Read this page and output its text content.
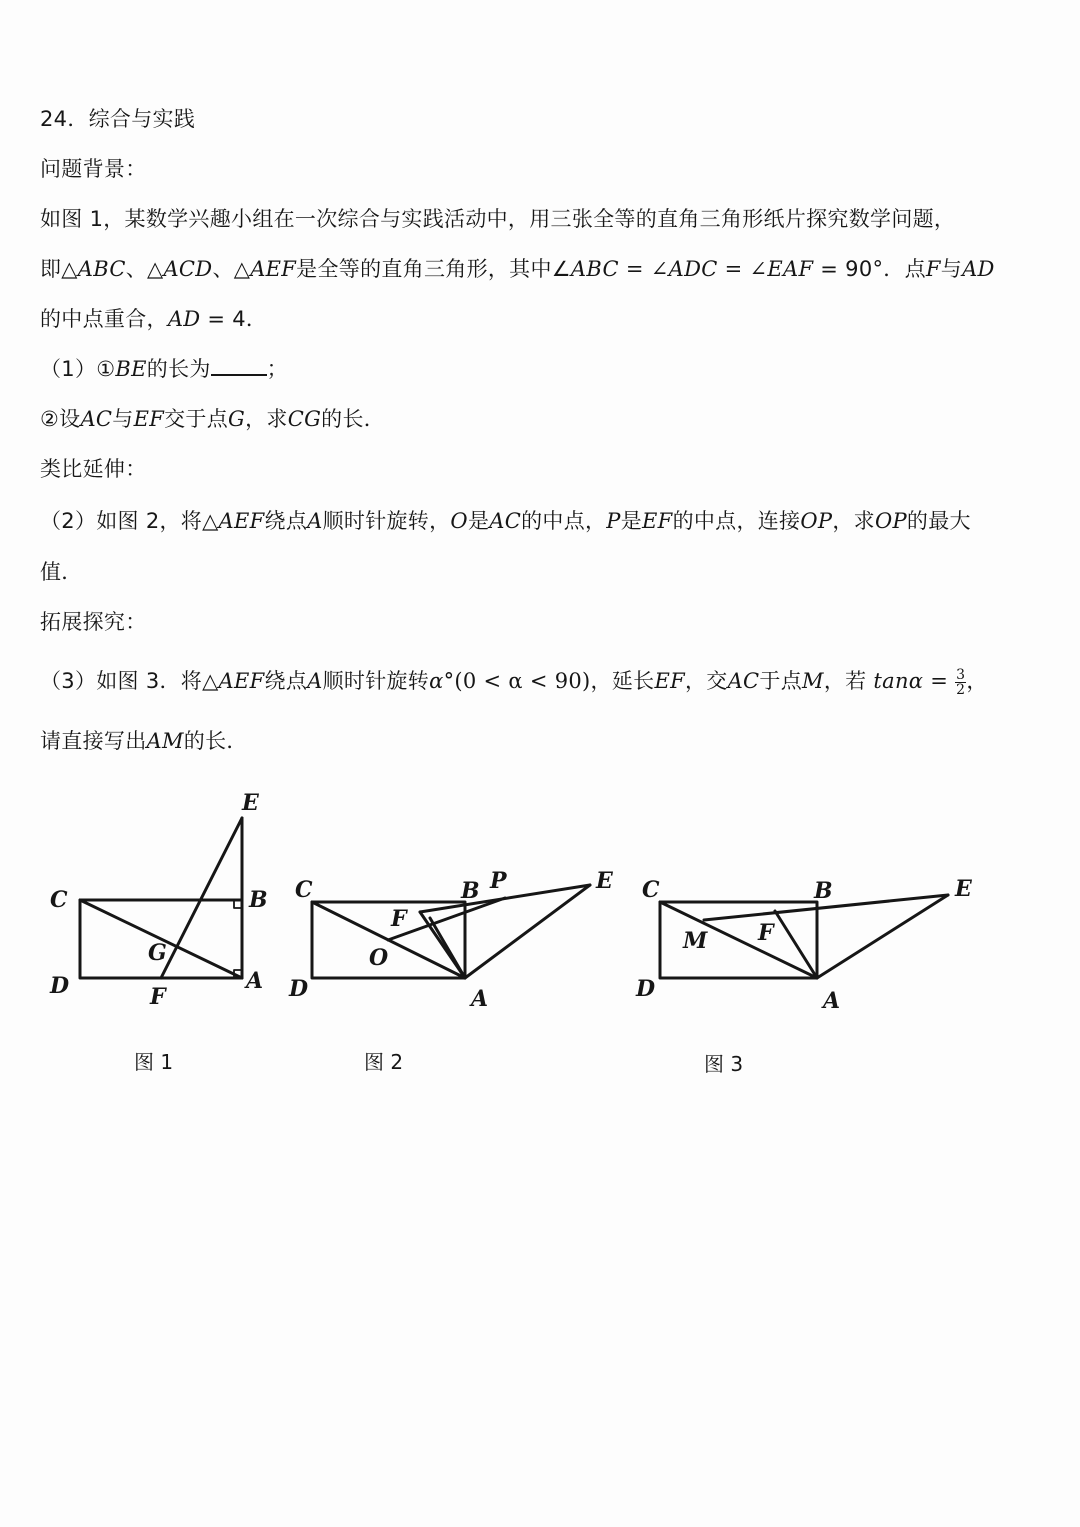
24．综合与实践
问题背景：
如图 1，某数学兴趣小组在一次综合与实践活动中，用三张全等的直角三角形纸片探究数学问题，
即△ABC、△ACD、△AEF是全等的直角三角形，其中∠ABC = ∠ADC = ∠EAF = 90°．点F与AD
的中点重合，AD = 4．
（1）①BE的长为	；
②设AC与EF交于点G，求CG的长．
类比延伸：
（2）如图 2，将△AEF绕点A顺时针旋转，O是AC的中点，P是EF的中点，连接OP，求OP的最大
值．
拓展探究：
（3）如图 3．将△AEF绕点A顺时针旋转α°(0 < α < 90)，延长EF，交AC于点M，若 $\tan\alpha = \frac{3}{2}$ ，
请直接写出AM的长．
E
C	B
G
D	F
A
图 1
C	B P	E
F
O
D	A
图 2
C	B	E
M F
D	A
图 3
